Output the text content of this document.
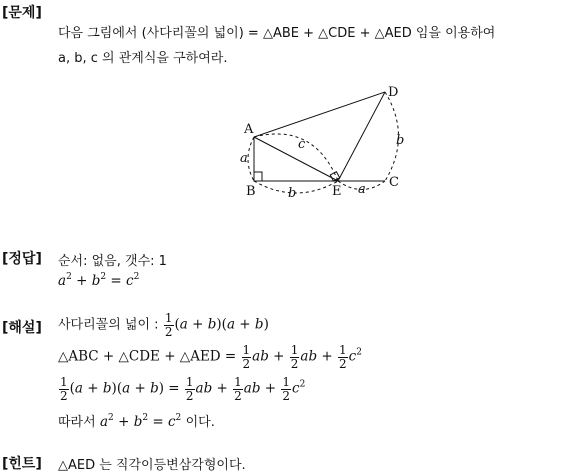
[문제]
다음 그림에서 (사다리꼴의 넓이) = △ABE + △CDE + △AED 임을 이용하여
a, b, c 의 관계식을 구하여라.
A
B	E
C
D
a
b	a
b
c
[정답] 순서: 없음, 갯수: 1
$a^2 + b^2 = c^2$
[해설] 사다리꼴의 넓이 : $\frac{1}{2} (a + b)(a + b)$
△ABC + △CDE + △AED = $\frac{1}{2}$ ab + $\frac{1}{2}$ ab + $\frac{1}{2} c^2$
$\frac{1}{2} (a + b)(a + b) = \frac{1}{2}$ ab + $\frac{1}{2}$ ab + $\frac{1}{2} c^2$
따라서 $a^2 + b^2 = c^2$ 이다.
[힌트] △AED 는 직각이등변삼각형이다.
